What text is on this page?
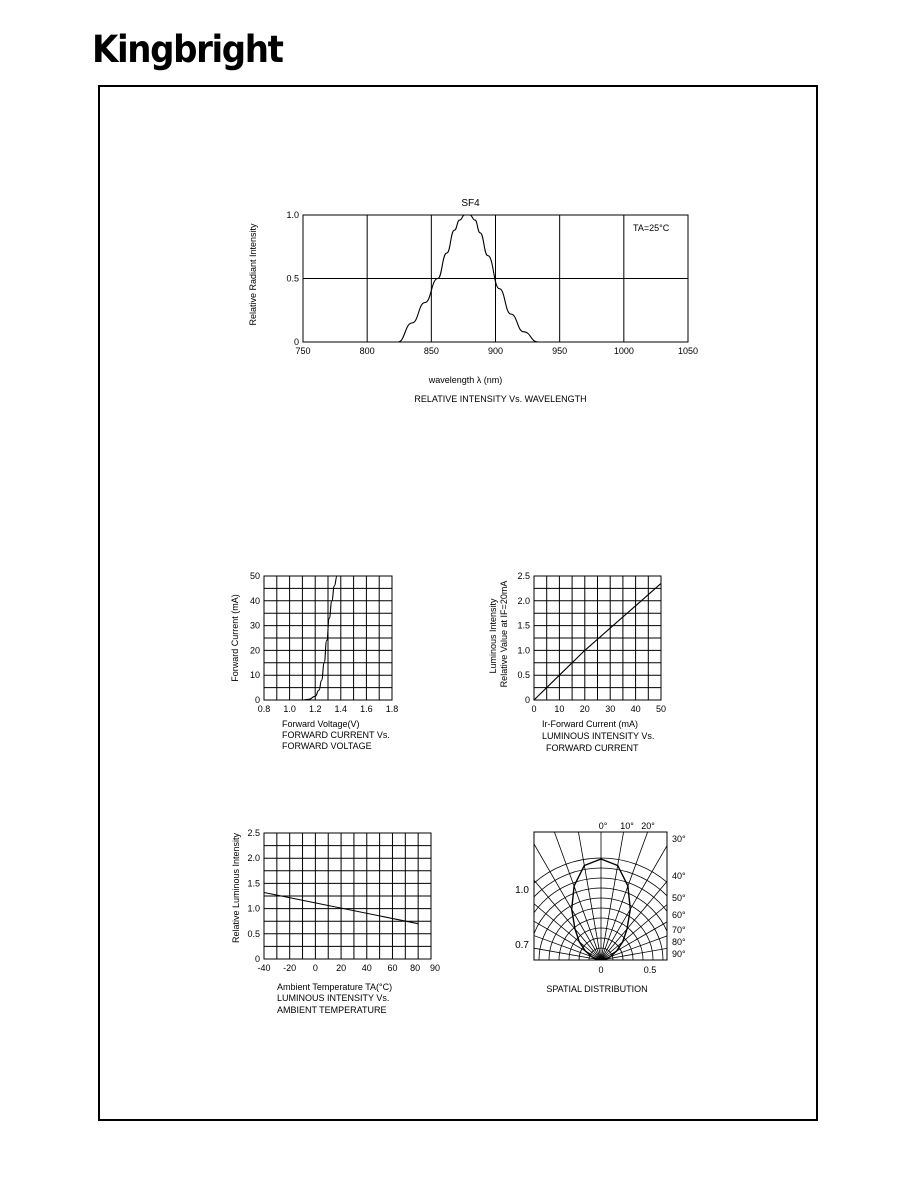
Kingbright
750	800	850	900	950	1000	1050
0
0.5
1.0
SF4
TA=25°C
wavelength λ (nm)
RELATIVE INTENSITY Vs. WAVELENGTH
Relative Radiant Intensity
0.8 1.0 1.2 1.4 1.6 1.8
0
10
20
30
40
50
Forward Voltage(V)
FORWARD CURRENT Vs.
FORWARD VOLTAGE
Forward Current (mA)
0 10 20 30 40 50
0
0.5
1.0
1.5
2.0
2.5
Ir-Forward Current (mA)
LUMINOUS INTENSITY Vs.
FORWARD CURRENT
Luminous Intensity Relative Value at IF=20mA
-40 -20 0 20 40 60 80 90
0
0.5
1.0
1.5
2.0
2.5
Ambient Temperature TA(°C)
LUMINOUS INTENSITY Vs.
AMBIENT TEMPERATURE
Relative Luminous Intensity
0° 10° 20°
30°
40°
50°
60°
70°
80°
90°
1.0
0.7
0	0.5
SPATIAL DISTRIBUTION
